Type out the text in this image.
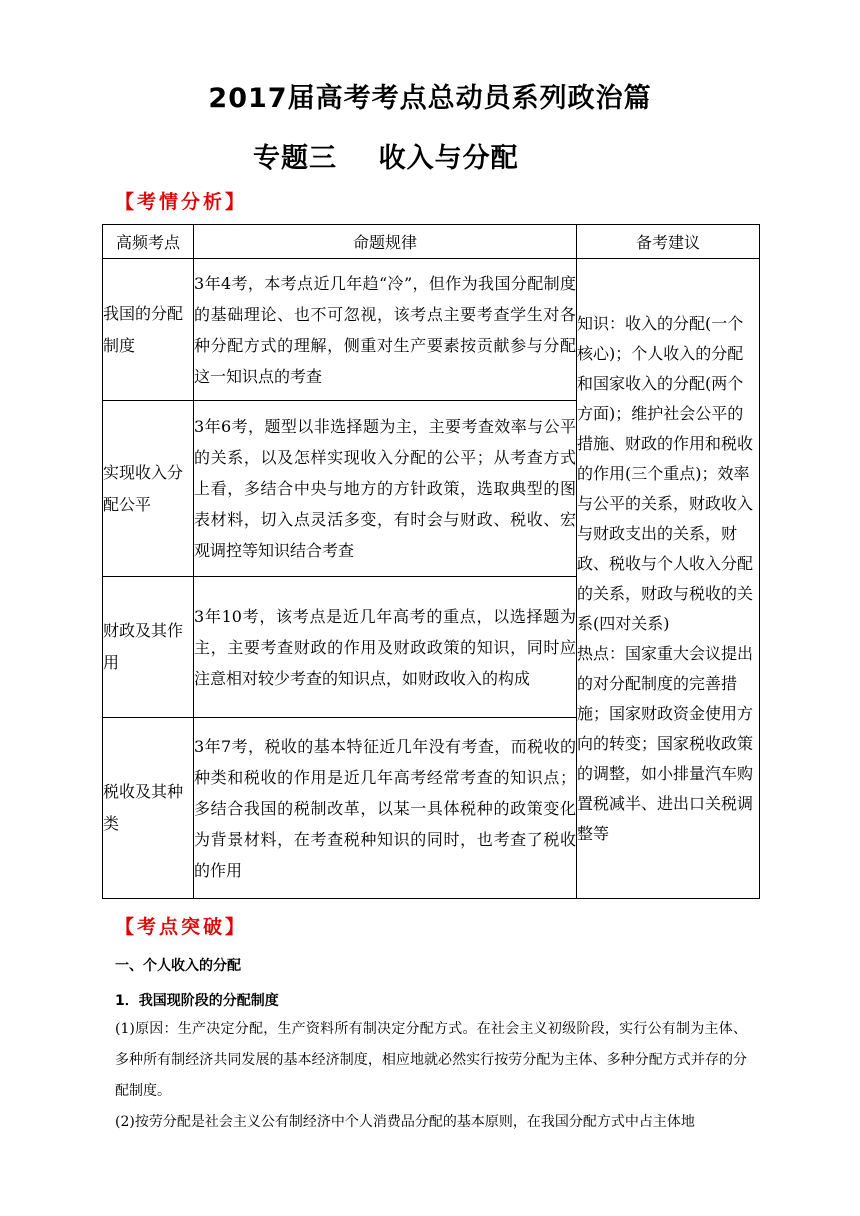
2017届高考考点总动员系列政治篇
专题三    收入与分配
【考情分析】
高频考点	命题规律	备考建议
我国的分配制度	3年4考，本考点近几年趋“冷”，但作为我国分配制度的基础理论、也不可忽视，该考点主要考查学生对各种分配方式的理解，侧重对生产要素按贡献参与分配这一知识点的考查	知识：收入的分配(一个核心)；个人收入的分配和国家收入的分配(两个方面)；维护社会公平的措施、财政的作用和税收的作用(三个重点)；效率与公平的关系，财政收入与财政支出的关系，财政、税收与个人收入分配的关系，财政与税收的关系(四对关系)
热点：国家重大会议提出的对分配制度的完善措施；国家财政资金使用方向的转变；国家税收政策的调整，如小排量汽车购置税减半、进出口关税调整等

实现收入分配公平	3年6考，题型以非选择题为主，主要考查效率与公平的关系，以及怎样实现收入分配的公平；从考查方式上看，多结合中央与地方的方针政策，选取典型的图表材料，切入点灵活多变，有时会与财政、税收、宏观调控等知识结合考查	
财政及其作用	3年10考，该考点是近几年高考的重点，以选择题为主，主要考查财政的作用及财政政策的知识，同时应注意相对较少考查的知识点，如财政收入的构成	
税收及其种类	3年7考，税收的基本特征近几年没有考查，而税收的种类和税收的作用是近几年高考经常考查的知识点；多结合我国的税制改革，以某一具体税种的政策变化为背景材料，在考查税种知识的同时，也考查了税收的作用	
【考点突破】
一、个人收入的分配
1．我国现阶段的分配制度
(1)原因：生产决定分配，生产资料所有制决定分配方式。在社会主义初级阶段，实行公有制为主体、多种所有制经济共同发展的基本经济制度，相应地就必然实行按劳分配为主体、多种分配方式并存的分配制度。
(2)按劳分配是社会主义公有制经济中个人消费品分配的基本原则，在我国分配方式中占主体地
